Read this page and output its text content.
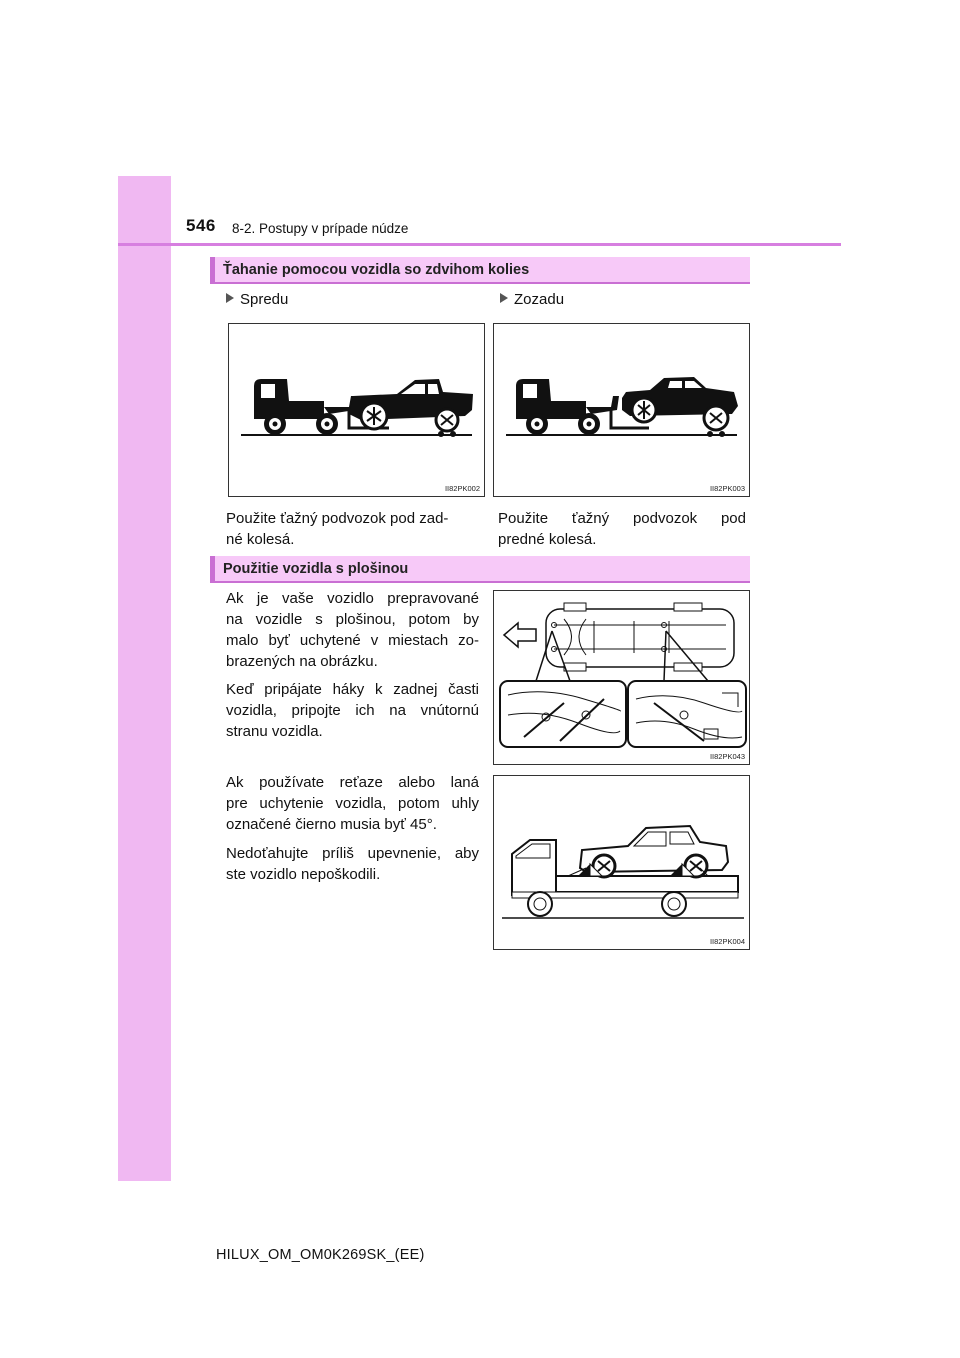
546 8-2. Postupy v prípade núdze
Ťahanie pomocou vozidla so zdvihom kolies
Spredu	Zozadu
II82PK002	II82PK003

Použite ťažný podvozok pod zad-
né kolesá.

Použite ťažný podvozok pod
predné kolesá.

Použitie vozidla s plošinou

Ak je vaše vozidlo prepravované
na vozidle s plošinou, potom by
malo byť uchytené v miestach zo-
brazených na obrázku.

Keď pripájate háky k zadnej časti
vozidla, pripojte ich na vnútornú
stranu vozidla.

Ak používate reťaze alebo laná
pre uchytenie vozidla, potom uhly
označené čierno musia byť 45°.

Nedoťahujte príliš upevnenie, aby
ste vozidlo nepoškodili.

II82PK043
II82PK004
HILUX_OM_OM0K269SK_(EE)
